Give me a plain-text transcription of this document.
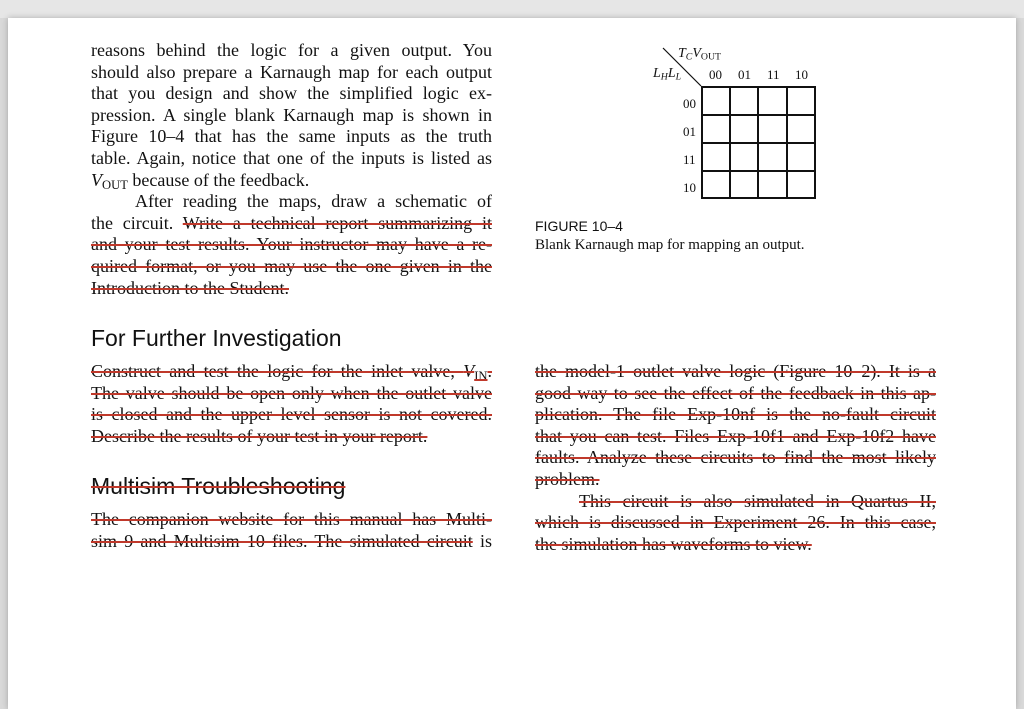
reasons behind the logic for a given output. You
should also prepare a Karnaugh map for each output
that you design and show the simplified logic ex-
pression. A single blank Karnaugh map is shown in
Figure 10–4 that has the same inputs as the truth
table. Again, notice that one of the inputs is listed as
$V_{OUT}$ because of the feedback.
After reading the maps, draw a schematic of
the circuit. Write a technical report summarizing it
and your test results. Your instructor may have a re-
quired format, or you may use the one given in the
Introduction to the Student.
For Further Investigation
Construct and test the logic for the inlet valve, $V_{IN}$.
The valve should be open only when the outlet valve
is closed and the upper level sensor is not covered.
Describe the results of your test in your report.
Multisim Troubleshooting
The companion website for this manual has Multi-
sim 9 and Multisim 10 files. The simulated circuit is
the model-1 outlet valve logic (Figure 10–2). It is a
good way to see the effect of the feedback in this ap-
plication. The file Exp-10nf is the no-fault circuit
that you can test. Files Exp-10f1 and Exp-10f2 have
faults. Analyze these circuits to find the most likely
problem.
This circuit is also simulated in Quartus II,
which is discussed in Experiment 26. In this case,
the simulation has waveforms to view.
$T_CV_{OUT}$
$L_HL_L$ 00 01 11 10
00
01
11
10
FIGURE 10–4
Blank Karnaugh map for mapping an output.
